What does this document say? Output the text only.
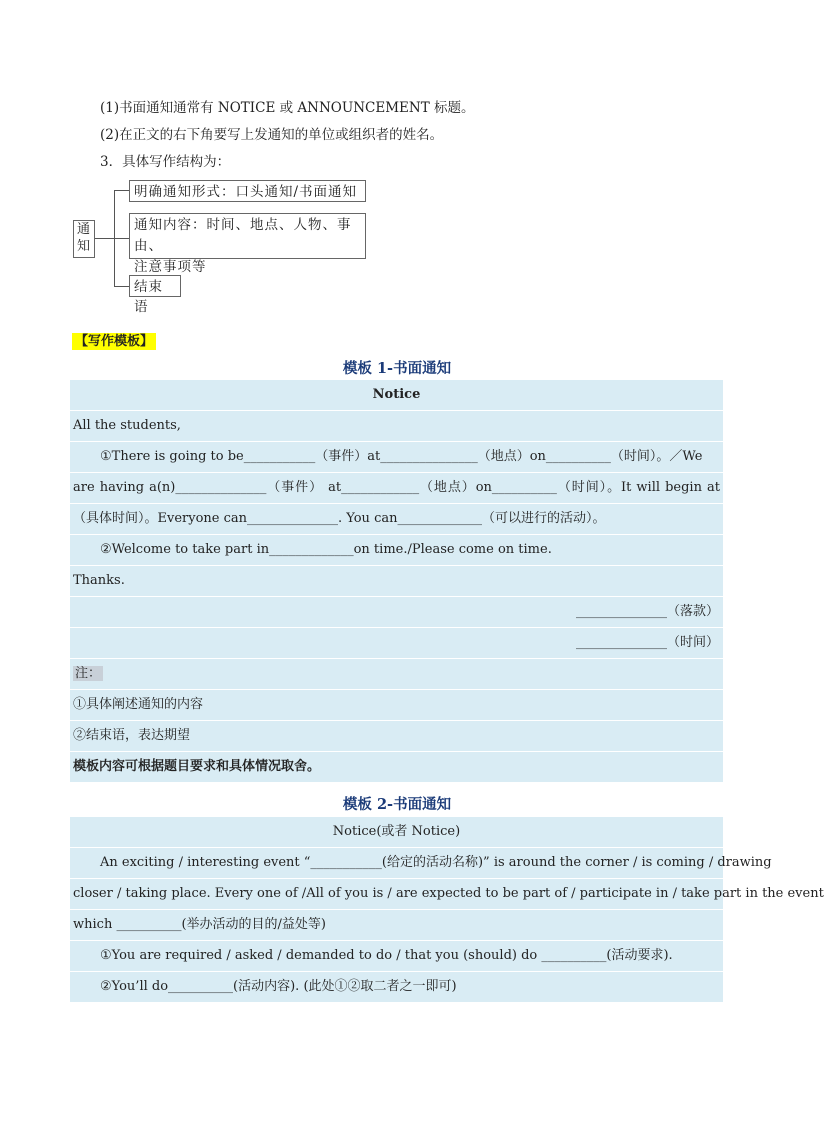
(1)书面通知通常有 NOTICE 或 ANNOUNCEMENT 标题。
(2)在正文的右下角要写上发通知的单位或组织者的姓名。
3．具体写作结构为：
通知
明确通知形式：口头通知/书面通知
通知内容：时间、地点、人物、事由、
注意事项等
结束语
【写作模板】
模板 1-书面通知
Notice
All the students,
①There is going to be___________（事件）at_______________（地点）on__________（时间）。／We
are having a(n)______________（事件） at____________（地点）on__________（时间）。It will begin at
（具体时间）。Everyone can______________. You can_____________（可以进行的活动）。
②Welcome to take part in_____________on time./Please come on time.
Thanks.
______________（落款）
______________（时间）
注：
①具体阐述通知的内容
②结束语，表达期望
模板内容可根据题目要求和具体情况取舍。
模板 2-书面通知
Notice(或者 Notice)
An exciting / interesting event “___________(给定的活动名称)” is around the corner / is coming / drawing
closer / taking place. Every one of /All of you is / are expected to be part of / participate in / take part in the event
which __________(举办活动的目的/益处等)
①You are required / asked / demanded to do / that you (should) do __________(活动要求).
②You’ll do__________(活动内容). (此处①②取二者之一即可)
